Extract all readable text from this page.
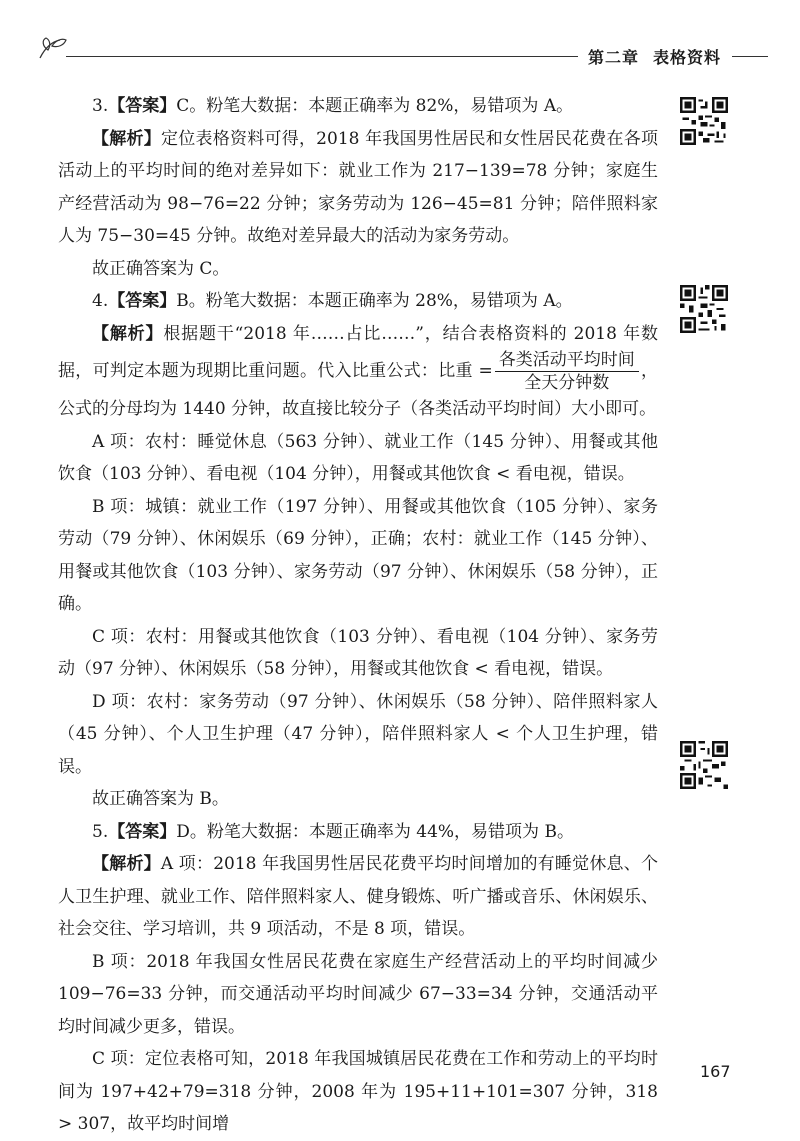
第二章 表格资料

3.【答案】C。粉笔大数据：本题正确率为 82%，易错项为 A。

【解析】定位表格资料可得，2018 年我国男性居民和女性居民花费在各项活动上的平均时间的绝对差异如下：就业工作为 217−139=78 分钟；家庭生产经营活动为 98−76=22 分钟；家务劳动为 126−45=81 分钟；陪伴照料家人为 75−30=45 分钟。故绝对差异最大的活动为家务劳动。

故正确答案为 C。

4.【答案】B。粉笔大数据：本题正确率为 28%，易错项为 A。

【解析】根据题干“2018 年……占比……”，结合表格资料的 2018 年数据，可判定本题为现期比重问题。代入比重公式：比重 = $\frac{\text{各类活动平均时间}}{\text{全天分钟数}}$ ，公式的分母均为 1440 分钟，故直接比较分子（各类活动平均时间）大小即可。

A 项：农村：睡觉休息（563 分钟）、就业工作（145 分钟）、用餐或其他饮食（103 分钟）、看电视（104 分钟），用餐或其他饮食 < 看电视，错误。

B 项：城镇：就业工作（197 分钟）、用餐或其他饮食（105 分钟）、家务劳动（79 分钟）、休闲娱乐（69 分钟），正确；农村：就业工作（145 分钟）、用餐或其他饮食（103 分钟）、家务劳动（97 分钟）、休闲娱乐（58 分钟），正确。

C 项：农村：用餐或其他饮食（103 分钟）、看电视（104 分钟）、家务劳动（97 分钟）、休闲娱乐（58 分钟），用餐或其他饮食 < 看电视，错误。

D 项：农村：家务劳动（97 分钟）、休闲娱乐（58 分钟）、陪伴照料家人（45 分钟）、个人卫生护理（47 分钟），陪伴照料家人 < 个人卫生护理，错误。

故正确答案为 B。

5.【答案】D。粉笔大数据：本题正确率为 44%，易错项为 B。

【解析】A 项：2018 年我国男性居民花费平均时间增加的有睡觉休息、个人卫生护理、就业工作、陪伴照料家人、健身锻炼、听广播或音乐、休闲娱乐、社会交往、学习培训，共 9 项活动，不是 8 项，错误。

B 项：2018 年我国女性居民花费在家庭生产经营活动上的平均时间减少 109−76=33 分钟，而交通活动平均时间减少 67−33=34 分钟，交通活动平均时间减少更多，错误。

C 项：定位表格可知，2018 年我国城镇居民花费在工作和劳动上的平均时间为 197+42+79=318 分钟，2008 年为 195+11+101=307 分钟，318 > 307，故平均时间增

167
